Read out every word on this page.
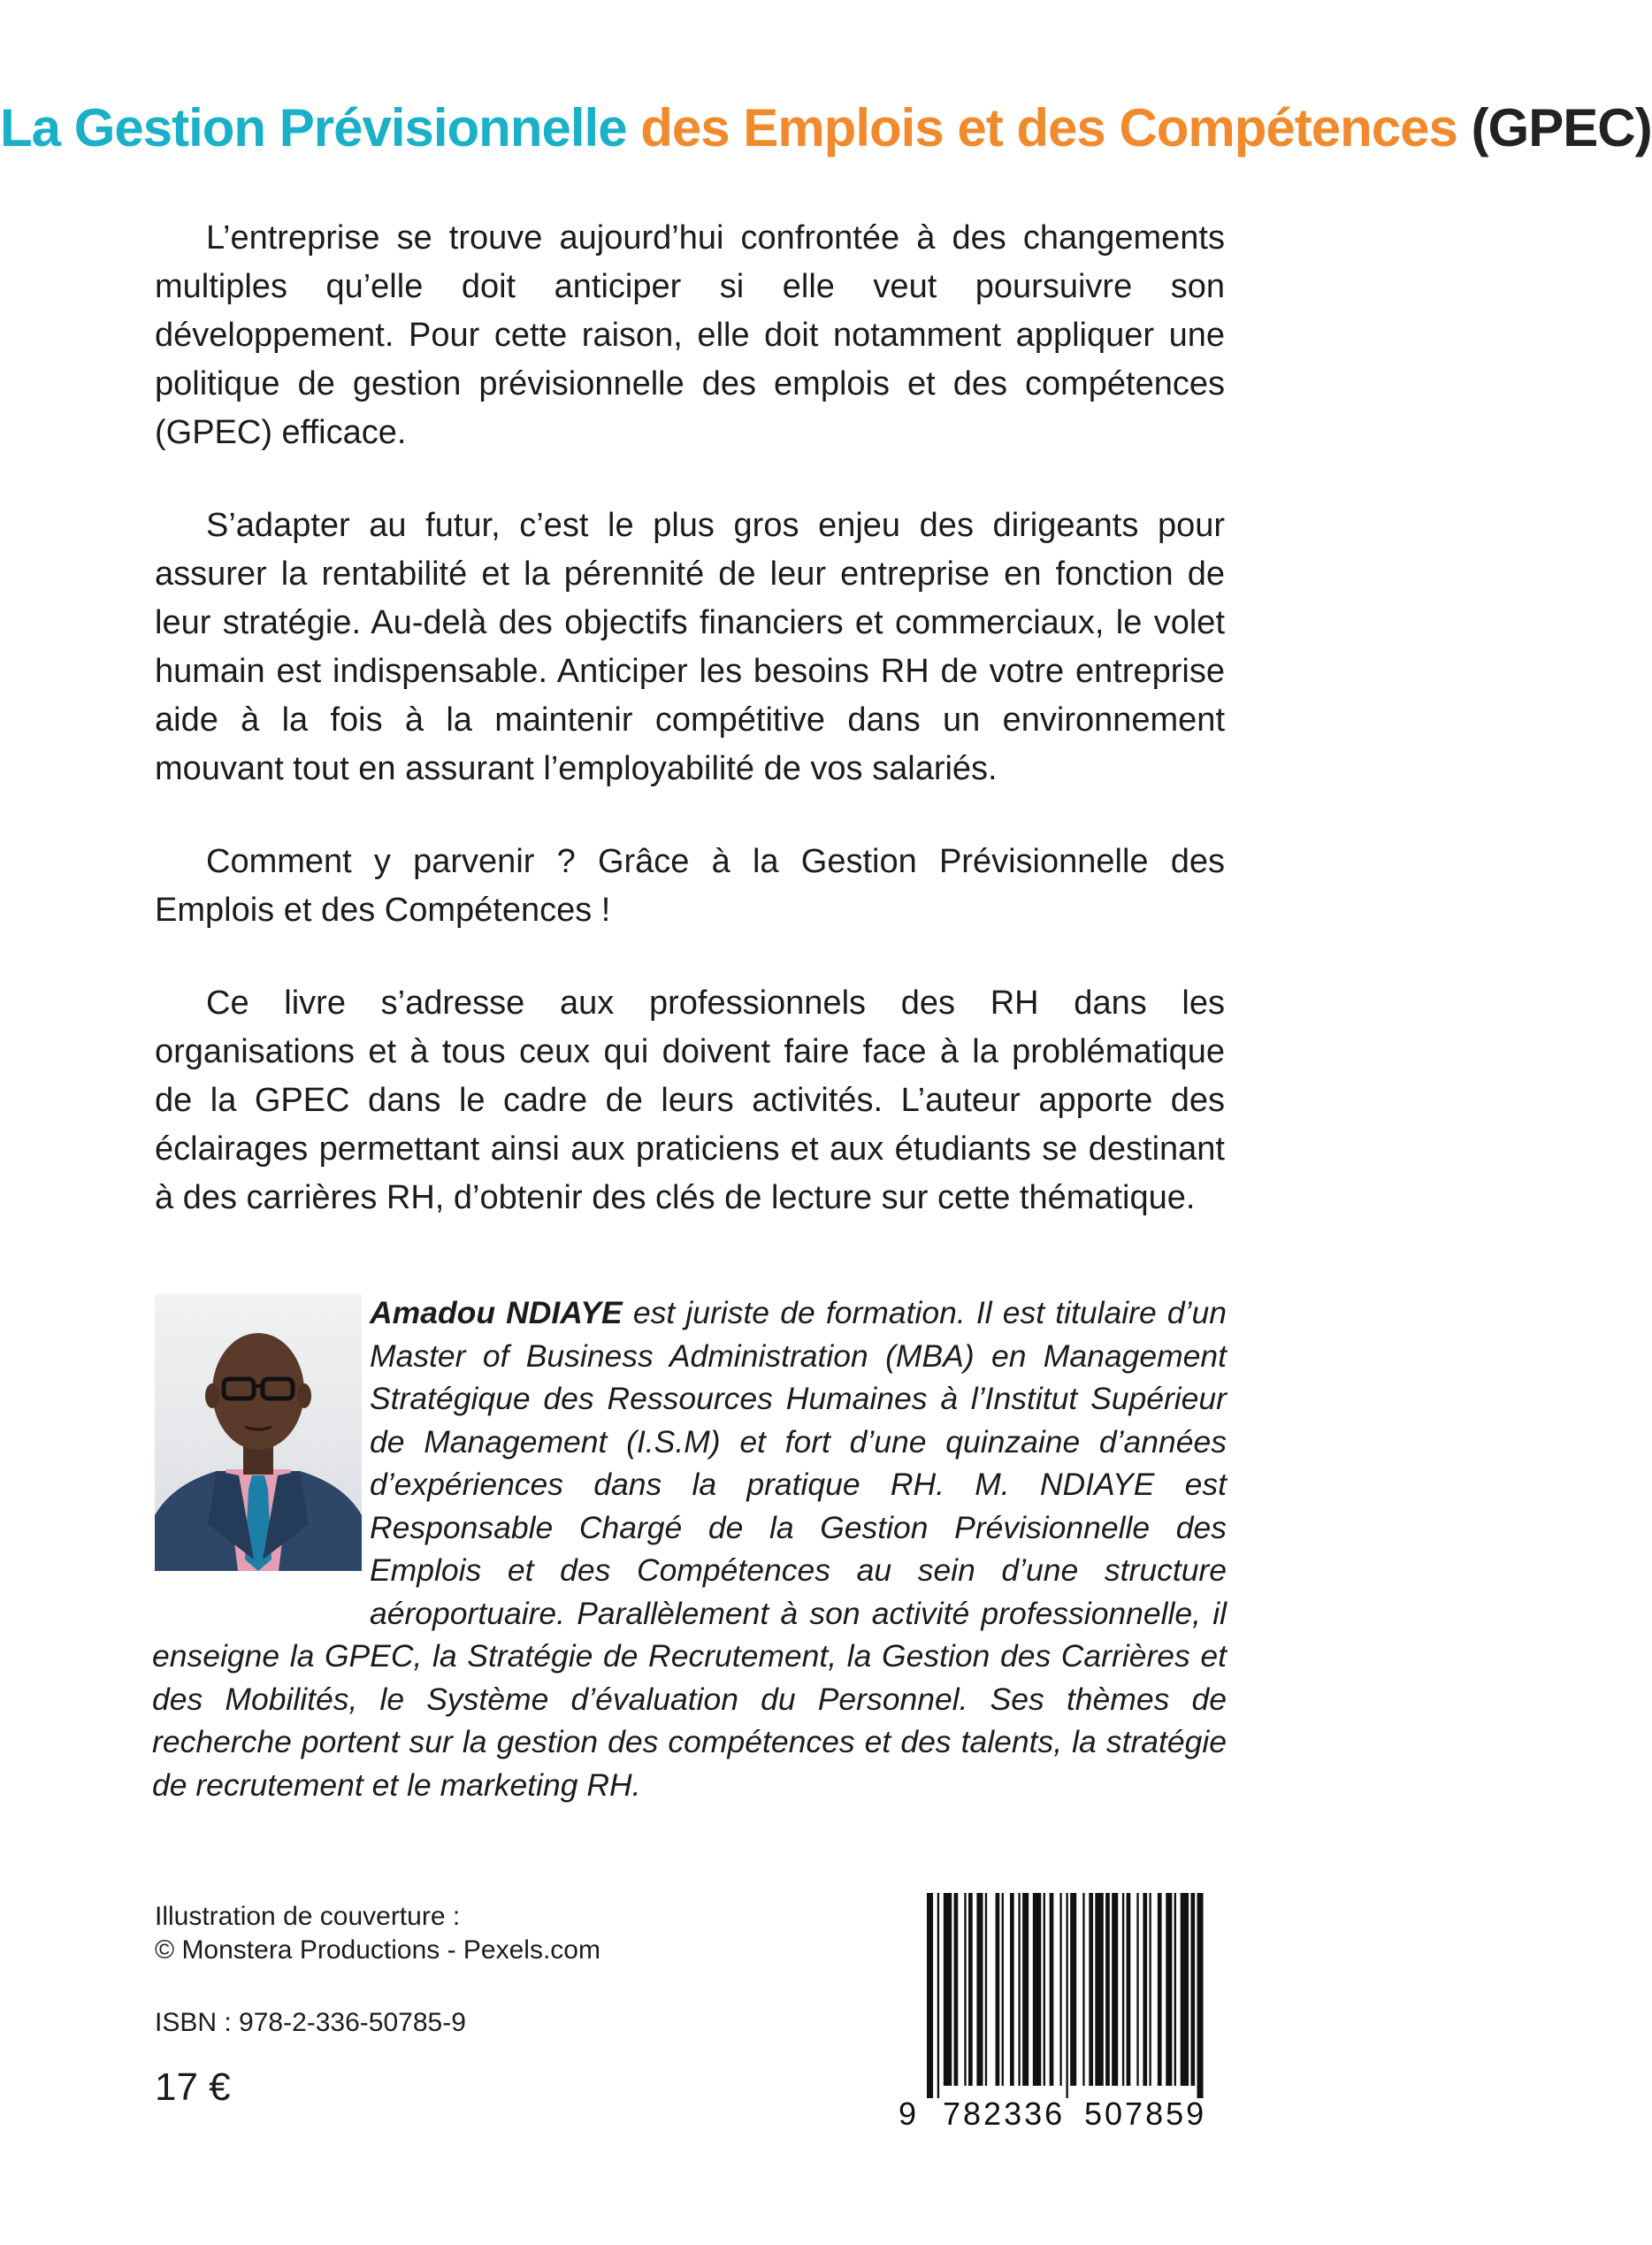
La Gestion Prévisionnelle des Emplois et des Compétences (GPEC)

L’entreprise se trouve aujourd’hui confrontée à des changements multiples qu’elle doit anticiper si elle veut poursuivre son développement. Pour cette raison, elle doit notamment appliquer une politique de gestion prévisionnelle des emplois et des compétences (GPEC) efficace.

S’adapter au futur, c’est le plus gros enjeu des dirigeants pour assurer la rentabilité et la pérennité de leur entreprise en fonction de leur stratégie. Au-delà des objectifs financiers et commerciaux, le volet humain est indispensable. Anticiper les besoins RH de votre entreprise aide à la fois à la maintenir compétitive dans un environnement mouvant tout en assurant l’employabilité de vos salariés.

Comment y parvenir ? Grâce à la Gestion Prévisionnelle des Emplois et des Compétences !

Ce livre s’adresse aux professionnels des RH dans les organisations et à tous ceux qui doivent faire face à la problématique de la GPEC dans le cadre de leurs activités. L’auteur apporte des éclairages permettant ainsi aux praticiens et aux étudiants se destinant à des carrières RH, d’obtenir des clés de lecture sur cette thématique.

Amadou NDIAYE est juriste de formation. Il est titulaire d’un Master of Business Administration (MBA) en Management Stratégique des Ressources Humaines à l’Institut Supérieur de Management (I.S.M) et fort d’une quinzaine d’années d’expériences dans la pratique RH. M. NDIAYE est Responsable Chargé de la Gestion Prévisionnelle des Emplois et des Compétences au sein d’une structure aéroportuaire. Parallèlement à son activité professionnelle, il enseigne la GPEC, la Stratégie de Recrutement, la Gestion des Carrières et des Mobilités, le Système d’évaluation du Personnel. Ses thèmes de recherche portent sur la gestion des compétences et des talents, la stratégie de recrutement et le marketing RH.
Illustration de couverture :
© Monstera Productions - Pexels.com
ISBN : 978-2-336-50785-9
17 €
9 782336 507859
